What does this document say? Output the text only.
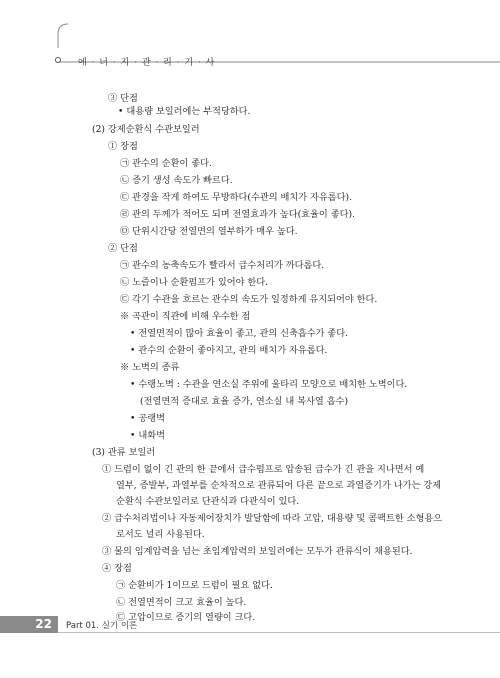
에 · 너 · 지 · 관 · 리 · 기 · 사
③ 단점
• 대용량 보일러에는 부적당하다.
(2) 강제순환식 수관보일러
① 장점
㉠ 관수의 순환이 좋다.
㉡ 증기 생성 속도가 빠르다.
㉢ 관경을 작게 하여도 무방하다(수관의 배치가 자유롭다).
㉣ 관의 두께가 적어도 되며 전열효과가 높다(효율이 좋다).
㉤ 단위시간당 전열면의 열부하가 매우 높다.
② 단점
㉠ 관수의 농축속도가 빨라서 급수처리가 까다롭다.
㉡ 노즐이나 순환펌프가 있어야 한다.
㉢ 각기 수관을 흐르는 관수의 속도가 일정하게 유지되어야 한다.
※ 곡관이 직관에 비해 우수한 점
• 전열면적이 많아 효율이 좋고, 관의 신축흡수가 좋다.
• 관수의 순환이 좋아지고, 관의 배치가 자유롭다.
※ 노벽의 종류
• 수랭노벽 : 수관을 연소실 주위에 울타리 모양으로 배치한 노벽이다.
(전열면적 증대로 효율 증가, 연소실 내 복사열 흡수)
• 공랭벽
• 내화벽
(3) 관류 보일러
① 드럼이 없이 긴 관의 한 끝에서 급수펌프로 압송된 급수가 긴 관을 지나면서 예
열부, 증발부, 과열부를 순차적으로 관류되어 다른 끝으로 과열증기가 나가는 강제
순환식 수관보일러로 단관식과 다관식이 있다.
② 급수처리법이나 자동제어장치가 발달함에 따라 고압, 대용량 및 콤팩트한 소형용으
로서도 널리 사용된다.
③ 물의 임계압력을 넘는 초임계압력의 보일러에는 모두가 관류식이 채용된다.
④ 장점
㉠ 순환비가 1이므로 드럼이 필요 없다.
㉡ 전열면적이 크고 효율이 높다.
㉢ 고압이므로 증기의 열량이 크다.
22	Part 01. 실기 이론
